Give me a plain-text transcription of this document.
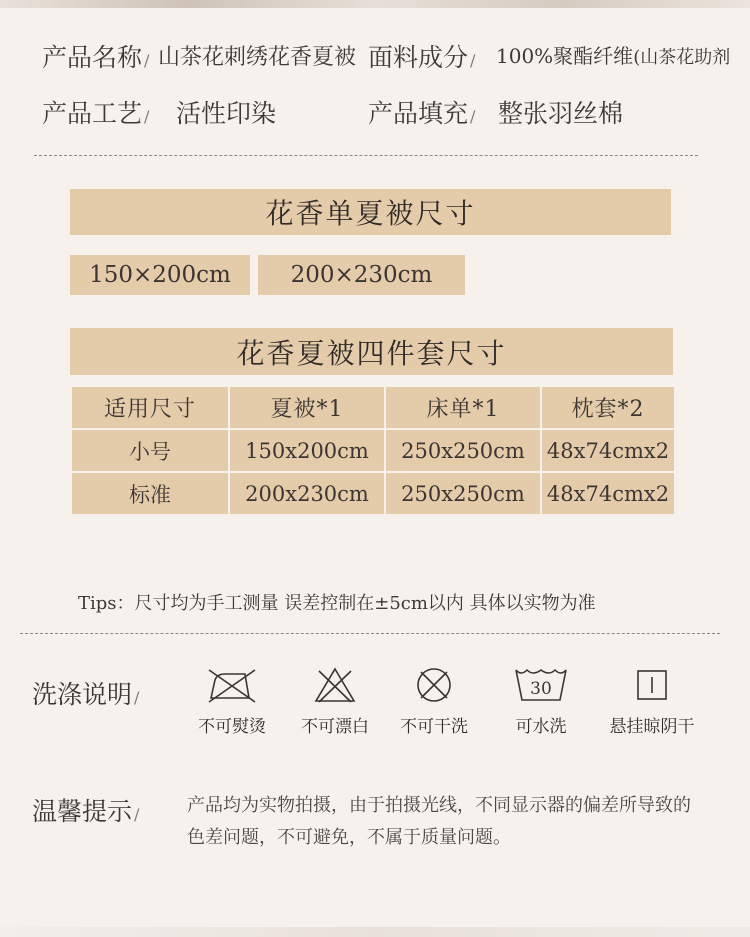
产品名称 / 山茶花刺绣花香夏被 面料成分 / 100%聚酯纤维(山茶花助剂
产品工艺 / 活性印染	产品填充 / 整张羽丝棉
花香单夏被尺寸
150×200cm	200×230cm
花香夏被四件套尺寸
适用尺寸	夏被*1	床单*1	枕套*2
小号	150x200cm	250x250cm	48x74cmx2
标准	200x230cm	250x250cm	48x74cmx2
Tips：尺寸均为手工测量 误差控制在±5cm以内 具体以实物为准
洗涤说明 /
不可熨烫	不可漂白	不可干洗
30
可水洗	悬挂晾阴干
温馨提示 /	产品均为实物拍摄，由于拍摄光线，不同显示器的偏差所导致的色差问题，不可避免，不属于质量问题。
